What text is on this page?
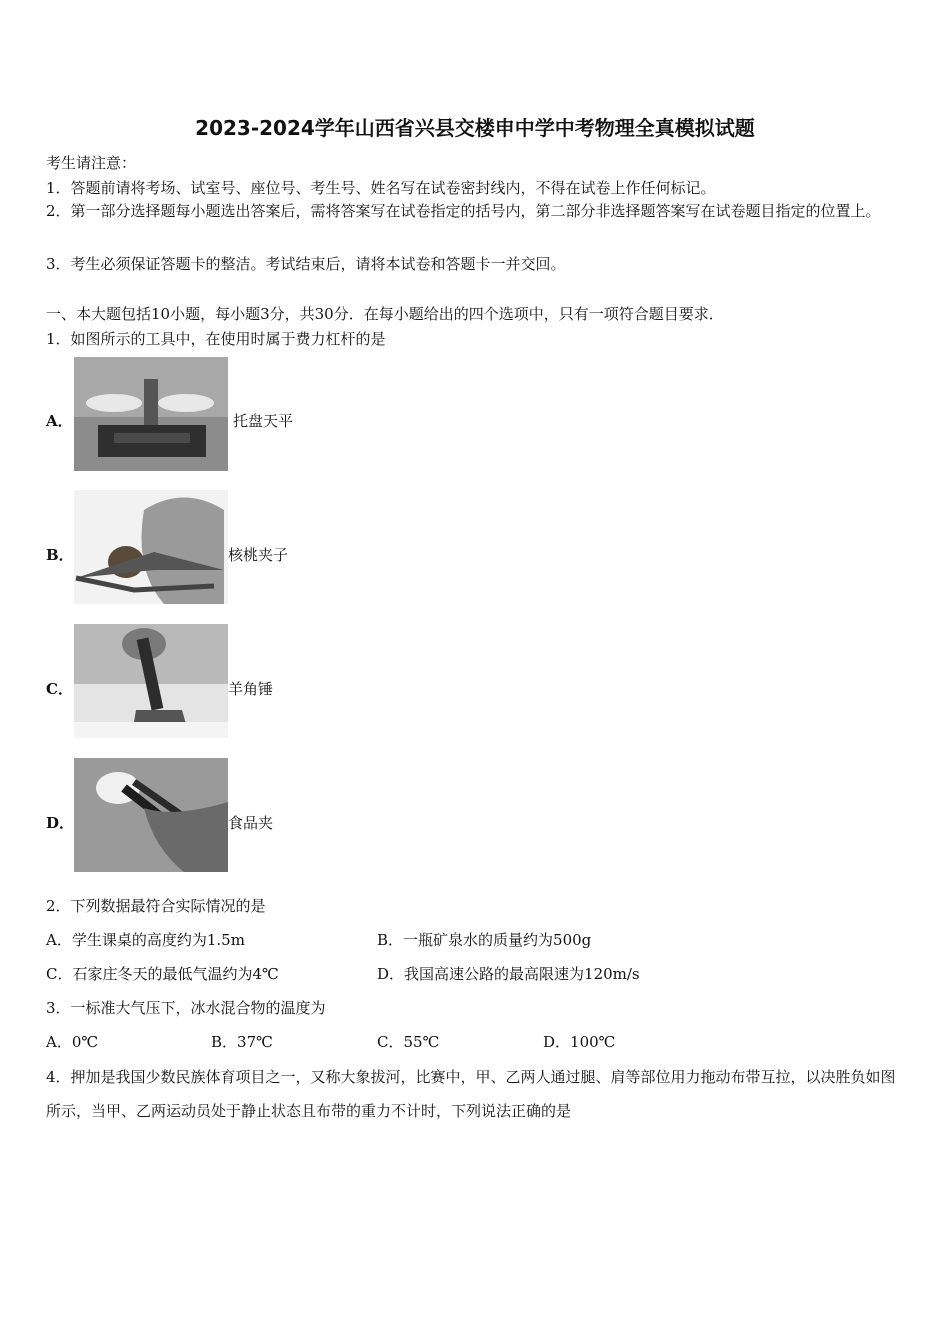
2023-2024学年山西省兴县交楼申中学中考物理全真模拟试题
考生请注意：
1．答题前请将考场、试室号、座位号、考生号、姓名写在试卷密封线内，不得在试卷上作任何标记。
2．第一部分选择题每小题选出答案后，需将答案写在试卷指定的括号内，第二部分非选择题答案写在试卷题目指定的位置上。
3．考生必须保证答题卡的整洁。考试结束后，请将本试卷和答题卡一并交回。
一、本大题包括10小题，每小题3分，共30分．在每小题给出的四个选项中，只有一项符合题目要求．
1．如图所示的工具中，在使用时属于费力杠杆的是
A．	托盘天平
B．	核桃夹子
C．	羊角锤
D．	食品夹
2．下列数据最符合实际情况的是
A．学生课桌的高度约为1.5m	B．一瓶矿泉水的质量约为500g
C．石家庄冬天的最低气温约为4℃	D．我国高速公路的最高限速为120m/s
3．一标准大气压下，冰水混合物的温度为
A．0℃	B．37℃	C．55℃	D．100℃
4．押加是我国少数民族体育项目之一，又称大象拔河，比赛中，甲、乙两人通过腿、肩等部位用力拖动布带互拉，以决胜负如图所示，当甲、乙两运动员处于静止状态且布带的重力不计时，下列说法正确的是
